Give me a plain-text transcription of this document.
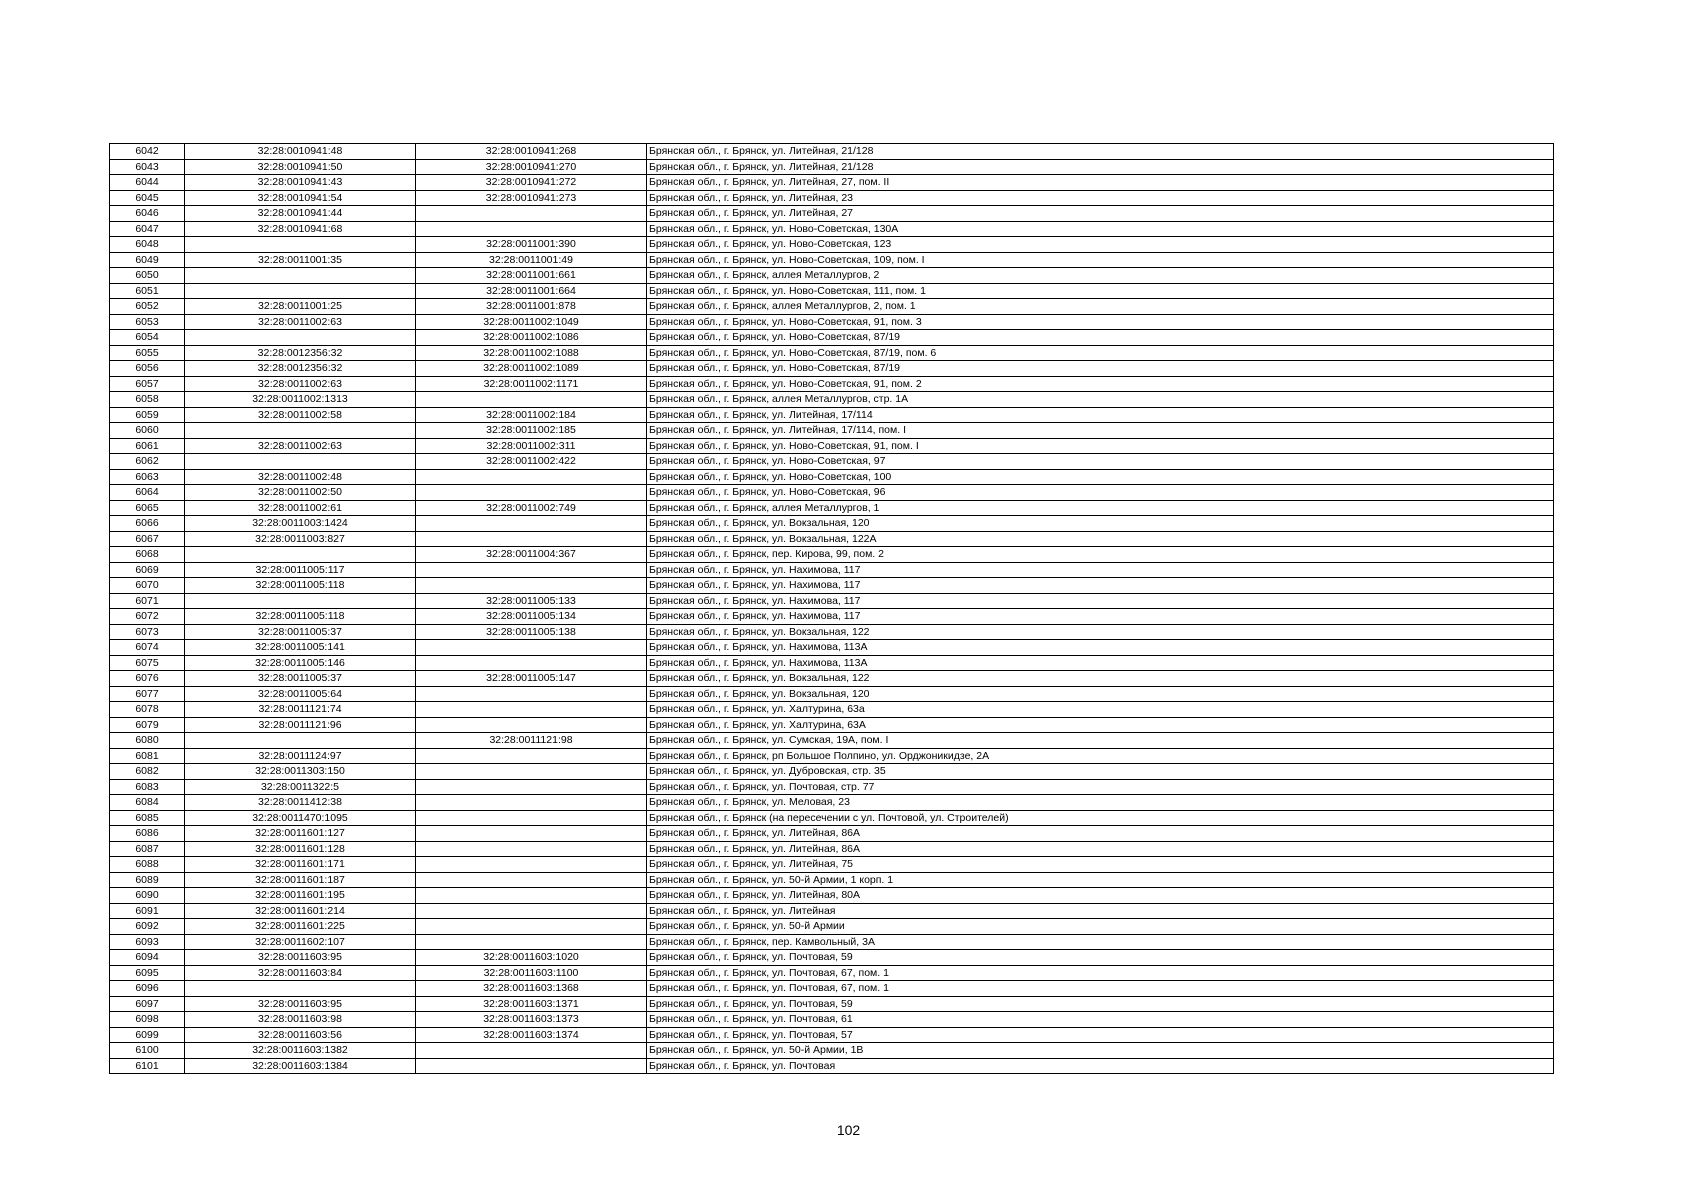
6042	32:28:0010941:48	32:28:0010941:268	Брянская обл., г. Брянск, ул. Литейная, 21/128
6043	32:28:0010941:50	32:28:0010941:270	Брянская обл., г. Брянск, ул. Литейная, 21/128
6044	32:28:0010941:43	32:28:0010941:272	Брянская обл., г. Брянск, ул. Литейная, 27, пом. II
6045	32:28:0010941:54	32:28:0010941:273	Брянская обл., г. Брянск, ул. Литейная, 23
6046	32:28:0010941:44		Брянская обл., г. Брянск, ул. Литейная, 27
6047	32:28:0010941:68		Брянская обл., г. Брянск, ул. Ново-Советская, 130А
6048		32:28:0011001:390	Брянская обл., г. Брянск, ул. Ново-Советская, 123
6049	32:28:0011001:35	32:28:0011001:49	Брянская обл., г. Брянск, ул. Ново-Советская, 109, пом. I
6050		32:28:0011001:661	Брянская обл., г. Брянск, аллея Металлургов, 2
6051		32:28:0011001:664	Брянская обл., г. Брянск, ул. Ново-Советская, 111, пом. 1
6052	32:28:0011001:25	32:28:0011001:878	Брянская обл., г. Брянск, аллея Металлургов, 2, пом. 1
6053	32:28:0011002:63	32:28:0011002:1049	Брянская обл., г. Брянск, ул. Ново-Советская, 91, пом. 3
6054		32:28:0011002:1086	Брянская обл., г. Брянск, ул. Ново-Советская, 87/19
6055	32:28:0012356:32	32:28:0011002:1088	Брянская обл., г. Брянск, ул. Ново-Советская, 87/19, пом. 6
6056	32:28:0012356:32	32:28:0011002:1089	Брянская обл., г. Брянск, ул. Ново-Советская, 87/19
6057	32:28:0011002:63	32:28:0011002:1171	Брянская обл., г. Брянск, ул. Ново-Советская, 91, пом. 2
6058	32:28:0011002:1313		Брянская обл., г. Брянск, аллея Металлургов, стр. 1А
6059	32:28:0011002:58	32:28:0011002:184	Брянская обл., г. Брянск, ул. Литейная, 17/114
6060		32:28:0011002:185	Брянская обл., г. Брянск, ул. Литейная, 17/114, пом. I
6061	32:28:0011002:63	32:28:0011002:311	Брянская обл., г. Брянск, ул. Ново-Советская, 91, пом. I
6062		32:28:0011002:422	Брянская обл., г. Брянск, ул. Ново-Советская, 97
6063	32:28:0011002:48		Брянская обл., г. Брянск, ул. Ново-Советская, 100
6064	32:28:0011002:50		Брянская обл., г. Брянск, ул. Ново-Советская, 96
6065	32:28:0011002:61	32:28:0011002:749	Брянская обл., г. Брянск, аллея Металлургов, 1
6066	32:28:0011003:1424		Брянская обл., г. Брянск, ул. Вокзальная, 120
6067	32:28:0011003:827		Брянская обл., г. Брянск, ул. Вокзальная, 122А
6068		32:28:0011004:367	Брянская обл., г. Брянск, пер. Кирова, 99, пом. 2
6069	32:28:0011005:117		Брянская обл., г. Брянск, ул. Нахимова, 117
6070	32:28:0011005:118		Брянская обл., г. Брянск, ул. Нахимова, 117
6071		32:28:0011005:133	Брянская обл., г. Брянск, ул. Нахимова, 117
6072	32:28:0011005:118	32:28:0011005:134	Брянская обл., г. Брянск, ул. Нахимова, 117
6073	32:28:0011005:37	32:28:0011005:138	Брянская обл., г. Брянск, ул. Вокзальная, 122
6074	32:28:0011005:141		Брянская обл., г. Брянск, ул. Нахимова, 113А
6075	32:28:0011005:146		Брянская обл., г. Брянск, ул. Нахимова, 113А
6076	32:28:0011005:37	32:28:0011005:147	Брянская обл., г. Брянск, ул. Вокзальная, 122
6077	32:28:0011005:64		Брянская обл., г. Брянск, ул. Вокзальная, 120
6078	32:28:0011121:74		Брянская обл., г. Брянск, ул. Халтурина, 63а
6079	32:28:0011121:96		Брянская обл., г. Брянск, ул. Халтурина, 63А
6080		32:28:0011121:98	Брянская обл., г. Брянск, ул. Сумская, 19А, пом. I
6081	32:28:0011124:97		Брянская обл., г. Брянск, рп Большое Полпино, ул. Орджоникидзе, 2А
6082	32:28:0011303:150		Брянская обл., г. Брянск, ул. Дубровская, стр. 35
6083	32:28:0011322:5		Брянская обл., г. Брянск, ул. Почтовая, стр. 77
6084	32:28:0011412:38		Брянская обл., г. Брянск, ул. Меловая, 23
6085	32:28:0011470:1095		Брянская обл., г. Брянск (на пересечении с ул. Почтовой, ул. Строителей)
6086	32:28:0011601:127		Брянская обл., г. Брянск, ул. Литейная, 86А
6087	32:28:0011601:128		Брянская обл., г. Брянск, ул. Литейная, 86А
6088	32:28:0011601:171		Брянская обл., г. Брянск, ул. Литейная, 75
6089	32:28:0011601:187		Брянская обл., г. Брянск, ул. 50-й Армии, 1 корп. 1
6090	32:28:0011601:195		Брянская обл., г. Брянск, ул. Литейная, 80А
6091	32:28:0011601:214		Брянская обл., г. Брянск, ул. Литейная
6092	32:28:0011601:225		Брянская обл., г. Брянск, ул. 50-й Армии
6093	32:28:0011602:107		Брянская обл., г. Брянск, пер. Камвольный, 3А
6094	32:28:0011603:95	32:28:0011603:1020	Брянская обл., г. Брянск, ул. Почтовая, 59
6095	32:28:0011603:84	32:28:0011603:1100	Брянская обл., г. Брянск, ул. Почтовая, 67, пом. 1
6096		32:28:0011603:1368	Брянская обл., г. Брянск, ул. Почтовая, 67, пом. 1
6097	32:28:0011603:95	32:28:0011603:1371	Брянская обл., г. Брянск, ул. Почтовая, 59
6098	32:28:0011603:98	32:28:0011603:1373	Брянская обл., г. Брянск, ул. Почтовая, 61
6099	32:28:0011603:56	32:28:0011603:1374	Брянская обл., г. Брянск, ул. Почтовая, 57
6100	32:28:0011603:1382		Брянская обл., г. Брянск, ул. 50-й Армии, 1В
6101	32:28:0011603:1384		Брянская обл., г. Брянск, ул. Почтовая
102
